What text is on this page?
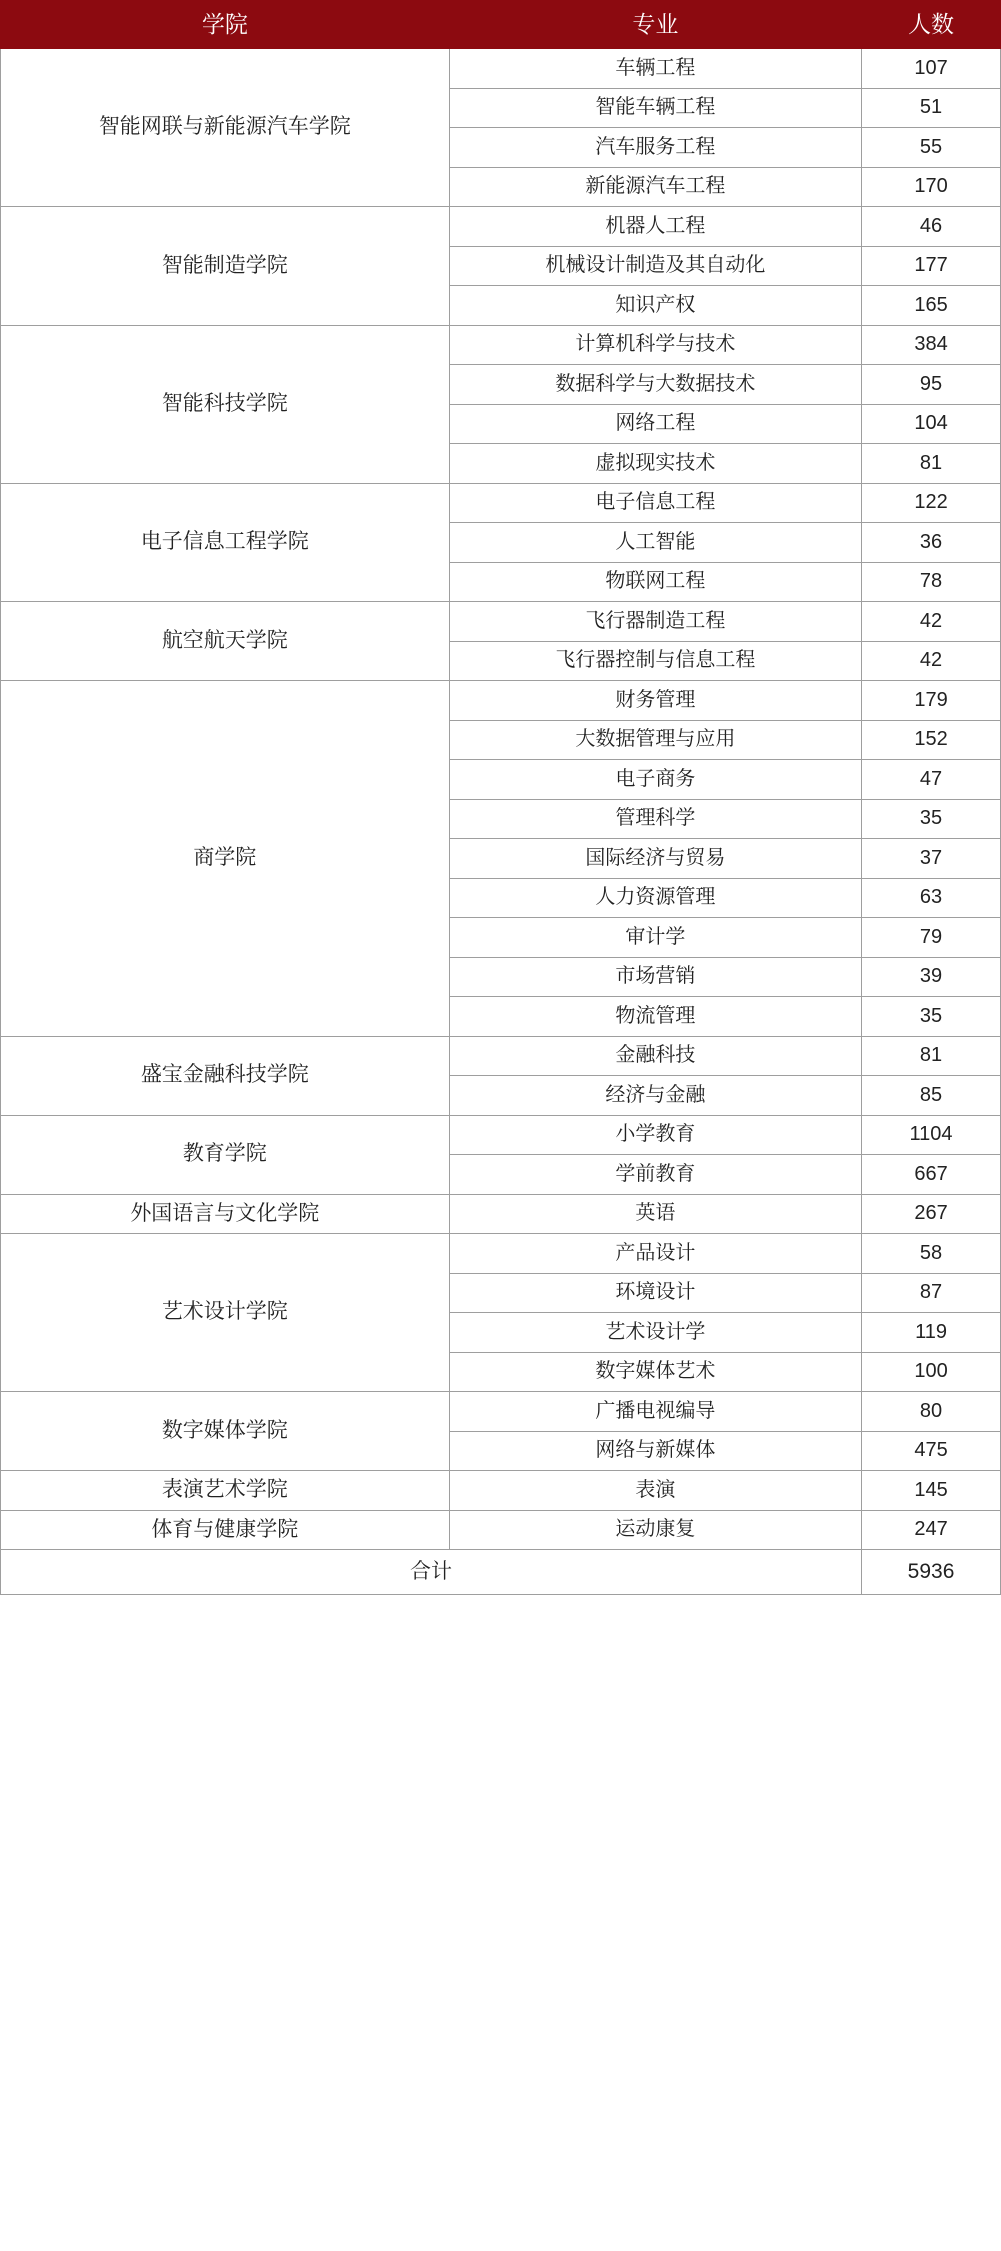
学院	专业	人数
智能网联与新能源汽车学院	车辆工程	107
	智能车辆工程	51
	汽车服务工程	55
	新能源汽车工程	170
智能制造学院	机器人工程	46
	机械设计制造及其自动化	177
	知识产权	165
智能科技学院	计算机科学与技术	384
	数据科学与大数据技术	95
	网络工程	104
	虚拟现实技术	81
电子信息工程学院	电子信息工程	122
	人工智能	36
	物联网工程	78
航空航天学院	飞行器制造工程	42
	飞行器控制与信息工程	42
商学院	财务管理	179
	大数据管理与应用	152
	电子商务	47
	管理科学	35
	国际经济与贸易	37
	人力资源管理	63
	审计学	79
	市场营销	39
	物流管理	35
盛宝金融科技学院	金融科技	81
	经济与金融	85
教育学院	小学教育	1104
	学前教育	667
外国语言与文化学院	英语	267
艺术设计学院	产品设计	58
	环境设计	87
	艺术设计学	119
	数字媒体艺术	100
数字媒体学院	广播电视编导	80
	网络与新媒体	475
表演艺术学院	表演	145
体育与健康学院	运动康复	247
合计		5936
